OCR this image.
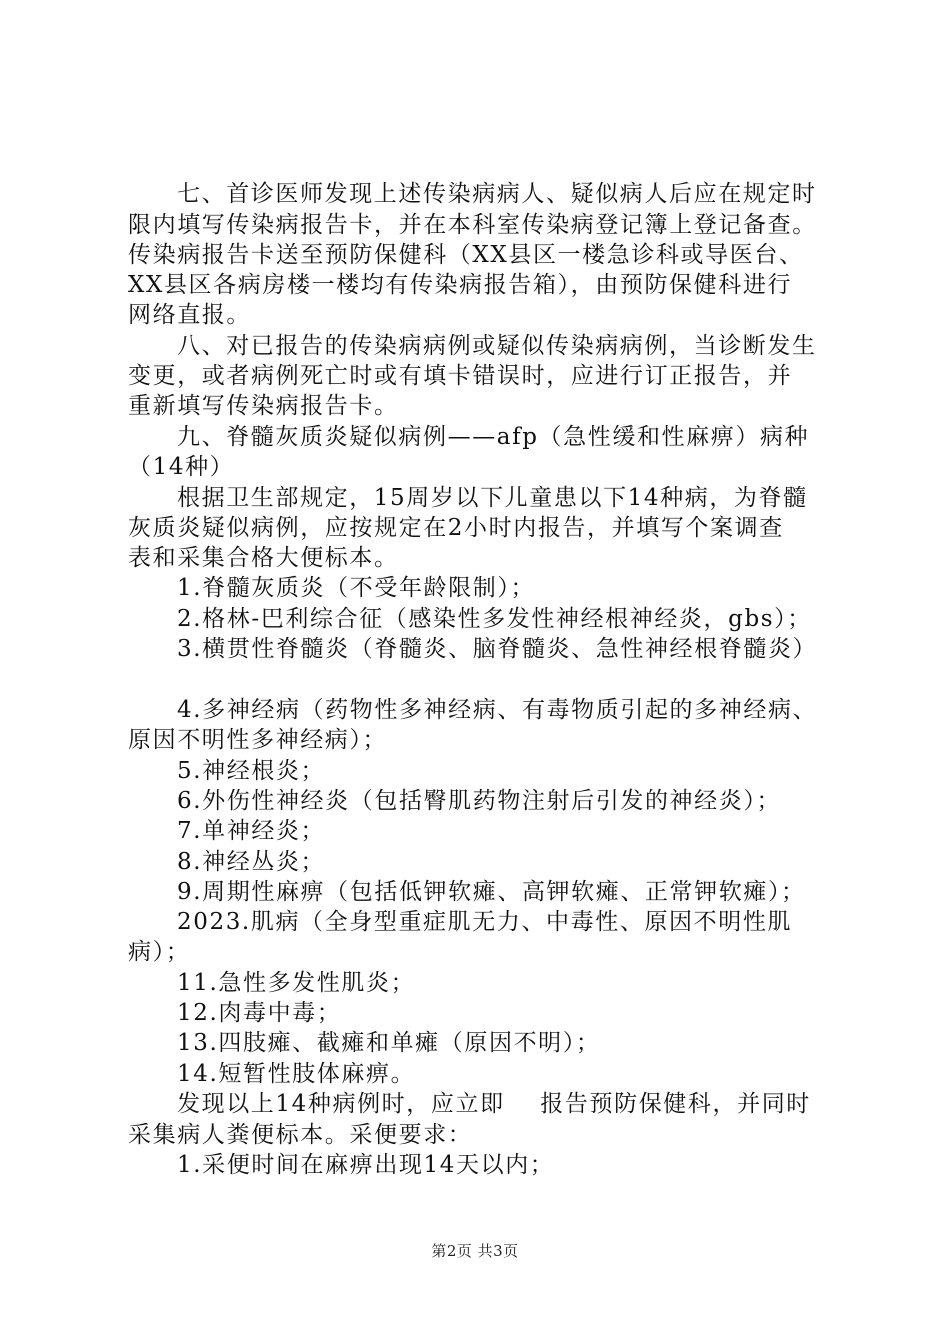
七、首诊医师发现上述传染病病人、疑似病人后应在规定时
限内填写传染病报告卡，并在本科室传染病登记簿上登记备查。
传染病报告卡送至预防保健科（XX县区一楼急诊科或导医台、
XX县区各病房楼一楼均有传染病报告箱），由预防保健科进行
网络直报。
八、对已报告的传染病病例或疑似传染病病例，当诊断发生
变更，或者病例死亡时或有填卡错误时，应进行订正报告，并
重新填写传染病报告卡。
九、脊髓灰质炎疑似病例——afp（急性缓和性麻痹）病种
（14种）
根据卫生部规定，15周岁以下儿童患以下14种病，为脊髓
灰质炎疑似病例，应按规定在2小时内报告，并填写个案调查
表和采集合格大便标本。
1.脊髓灰质炎（不受年龄限制）；
2.格林-巴利综合征（感染性多发性神经根神经炎，gbs）；
3.横贯性脊髓炎（脊髓炎、脑脊髓炎、急性神经根脊髓炎）
4.多神经病（药物性多神经病、有毒物质引起的多神经病、
原因不明性多神经病）；
5.神经根炎；
6.外伤性神经炎（包括臀肌药物注射后引发的神经炎）；
7.单神经炎；
8.神经丛炎；
9.周期性麻痹（包括低钾软瘫、高钾软瘫、正常钾软瘫）；
2023.肌病（全身型重症肌无力、中毒性、原因不明性肌
病）；
11.急性多发性肌炎；
12.肉毒中毒；
13.四肢瘫、截瘫和单瘫（原因不明）；
14.短暂性肢体麻痹。
发现以上14种病例时，应立即    报告预防保健科，并同时
采集病人粪便标本。采便要求：
1.采便时间在麻痹出现14天以内；
第2页 共3页
